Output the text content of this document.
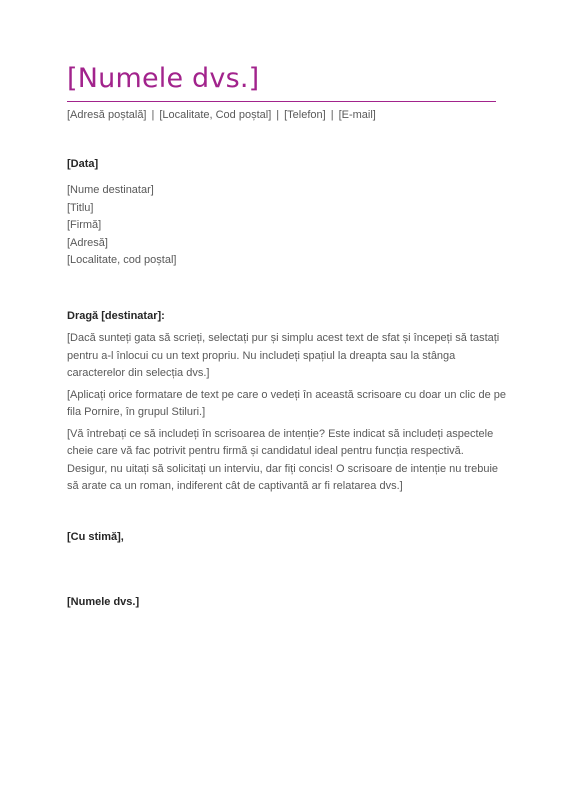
[Numele dvs.]
[Adresă poștală] | [Localitate, Cod poștal] | [Telefon] | [E-mail]
[Data]
[Nume destinatar]
[Titlu]
[Firmă]
[Adresă]
[Localitate, cod poștal]
Dragă [destinatar]:

[Dacă sunteți gata să scrieți, selectați pur și simplu acest text de sfat și începeți să tastați pentru a-l înlocui cu un text propriu. Nu includeți spațiul la dreapta sau la stânga caracterelor din selecția dvs.]

[Aplicați orice formatare de text pe care o vedeți în această scrisoare cu doar un clic de pe fila Pornire, în grupul Stiluri.]

[Vă întrebați ce să includeți în scrisoarea de intenție? Este indicat să includeți aspectele cheie care vă fac potrivit pentru firmă și candidatul ideal pentru funcția respectivă. Desigur, nu uitați să solicitați un interviu, dar fiți concis! O scrisoare de intenție nu trebuie să arate ca un roman, indiferent cât de captivantă ar fi relatarea dvs.]

[Cu stimă],
[Numele dvs.]
